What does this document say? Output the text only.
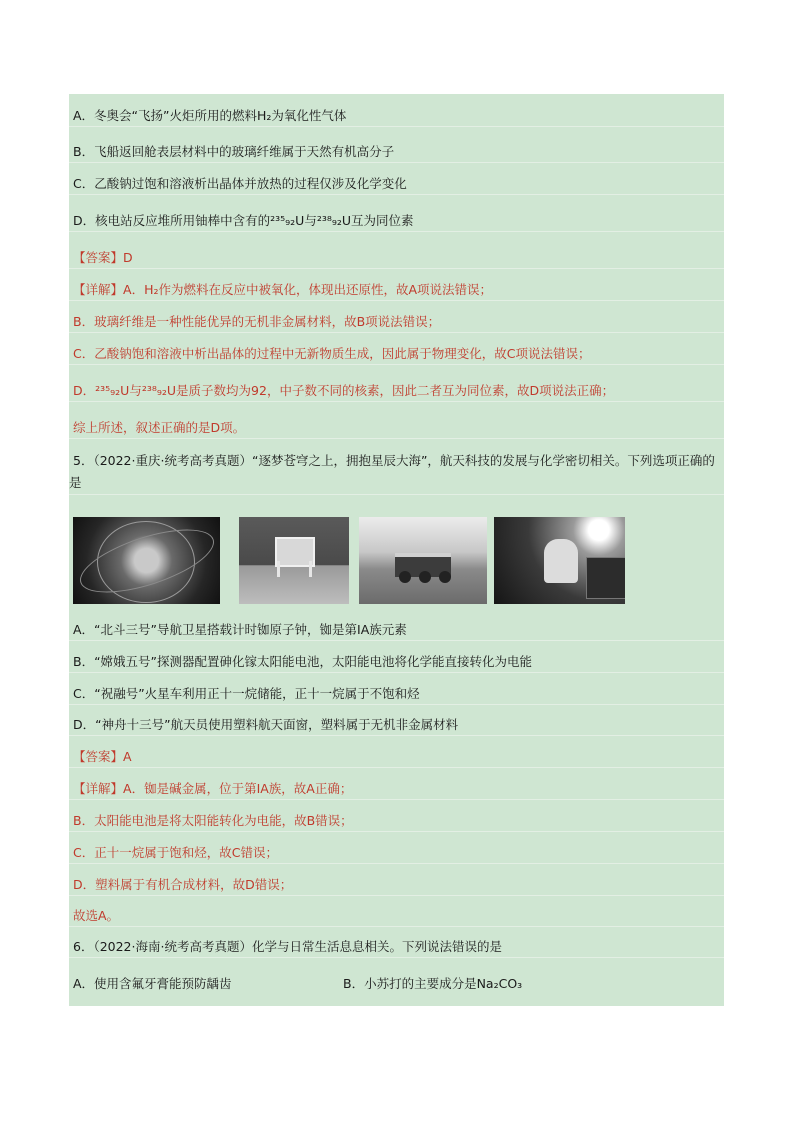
A．冬奥会“飞扬”火炬所用的燃料H₂为氧化性气体
B．飞船返回舱表层材料中的玻璃纤维属于天然有机高分子
C．乙酸钠过饱和溶液析出晶体并放热的过程仅涉及化学变化
D．核电站反应堆所用铀棒中含有的²³⁵₉₂U与²³⁸₉₂U互为同位素
【答案】D
【详解】A．H₂作为燃料在反应中被氧化，体现出还原性，故A项说法错误；
B．玻璃纤维是一种性能优异的无机非金属材料，故B项说法错误；
C．乙酸钠饱和溶液中析出晶体的过程中无新物质生成，因此属于物理变化，故C项说法错误；
D．²³⁵₉₂U与²³⁸₉₂U是质子数均为92，中子数不同的核素，因此二者互为同位素，故D项说法正确；
综上所述，叙述正确的是D项。
5．（2022·重庆·统考高考真题）“逐梦苍穹之上，拥抱星辰大海”，航天科技的发展与化学密切相关。下列选项正确的是
A．“北斗三号”导航卫星搭载计时铷原子钟，铷是第ⅠA族元素
B．“嫦娥五号”探测器配置砷化镓太阳能电池，太阳能电池将化学能直接转化为电能
C．“祝融号”火星车利用正十一烷储能，正十一烷属于不饱和烃
D．“神舟十三号”航天员使用塑料航天面窗，塑料属于无机非金属材料
【答案】A
【详解】A．铷是碱金属，位于第ⅠA族，故A正确；
B．太阳能电池是将太阳能转化为电能，故B错误；
C．正十一烷属于饱和烃，故C错误；
D．塑料属于有机合成材料，故D错误；
故选A。
6．（2022·海南·统考高考真题）化学与日常生活息息相关。下列说法错误的是
A．使用含氟牙膏能预防龋齿	B．小苏打的主要成分是Na₂CO₃
